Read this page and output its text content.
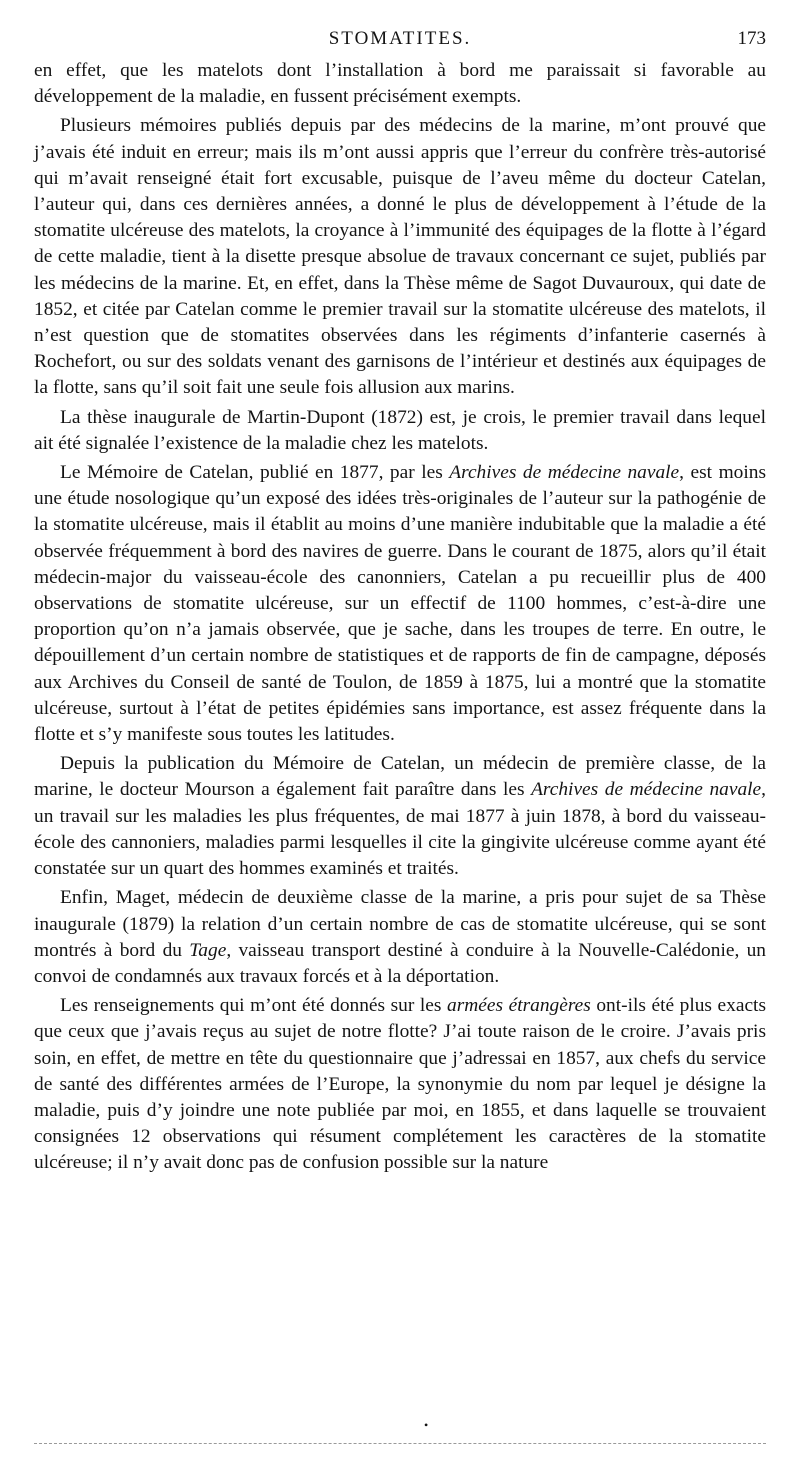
STOMATITES.	173

en effet, que les matelots dont l’installation à bord me paraissait si favorable au développement de la maladie, en fussent précisément exempts.

Plusieurs mémoires publiés depuis par des médecins de la marine, m’ont prouvé que j’avais été induit en erreur; mais ils m’ont aussi appris que l’erreur du confrère très-autorisé qui m’avait renseigné était fort excusable, puisque de l’aveu même du docteur Catelan, l’auteur qui, dans ces dernières années, a donné le plus de développement à l’étude de la stomatite ulcéreuse des matelots, la croyance à l’immunité des équipages de la flotte à l’égard de cette maladie, tient à la disette presque absolue de travaux concernant ce sujet, publiés par les médecins de la marine. Et, en effet, dans la Thèse même de Sagot Duvauroux, qui date de 1852, et citée par Catelan comme le premier travail sur la stomatite ulcéreuse des matelots, il n’est question que de stomatites observées dans les régiments d’infanterie casernés à Rochefort, ou sur des soldats venant des garnisons de l’intérieur et destinés aux équipages de la flotte, sans qu’il soit fait une seule fois allusion aux marins.

La thèse inaugurale de Martin-Dupont (1872) est, je crois, le premier travail dans lequel ait été signalée l’existence de la maladie chez les matelots.

Le Mémoire de Catelan, publié en 1877, par les Archives de médecine navale, est moins une étude nosologique qu’un exposé des idées très-originales de l’auteur sur la pathogénie de la stomatite ulcéreuse, mais il établit au moins d’une manière indubitable que la maladie a été observée fréquemment à bord des navires de guerre. Dans le courant de 1875, alors qu’il était médecin-major du vaisseau-école des canonniers, Catelan a pu recueillir plus de 400 observations de stomatite ulcéreuse, sur un effectif de 1100 hommes, c’est-à-dire une proportion qu’on n’a jamais observée, que je sache, dans les troupes de terre. En outre, le dépouillement d’un certain nombre de statistiques et de rapports de fin de campagne, déposés aux Archives du Conseil de santé de Toulon, de 1859 à 1875, lui a montré que la stomatite ulcéreuse, surtout à l’état de petites épidémies sans importance, est assez fréquente dans la flotte et s’y manifeste sous toutes les latitudes.

Depuis la publication du Mémoire de Catelan, un médecin de première classe, de la marine, le docteur Mourson a également fait paraître dans les Archives de médecine navale, un travail sur les maladies les plus fréquentes, de mai 1877 à juin 1878, à bord du vaisseau-école des cannoniers, maladies parmi lesquelles il cite la gingivite ulcéreuse comme ayant été constatée sur un quart des hommes examinés et traités.

Enfin, Maget, médecin de deuxième classe de la marine, a pris pour sujet de sa Thèse inaugurale (1879) la relation d’un certain nombre de cas de stomatite ulcéreuse, qui se sont montrés à bord du Tage, vaisseau transport destiné à conduire à la Nouvelle-Calédonie, un convoi de condamnés aux travaux forcés et à la déportation.

Les renseignements qui m’ont été donnés sur les armées étrangères ont-ils été plus exacts que ceux que j’avais reçus au sujet de notre flotte? J’ai toute raison de le croire. J’avais pris soin, en effet, de mettre en tête du questionnaire que j’adressai en 1857, aux chefs du service de santé des différentes armées de l’Europe, la synonymie du nom par lequel je désigne la maladie, puis d’y joindre une note publiée par moi, en 1855, et dans laquelle se trouvaient consignées 12 observations qui résument complétement les caractères de la stomatite ulcéreuse; il n’y avait donc pas de confusion possible sur la nature

•
